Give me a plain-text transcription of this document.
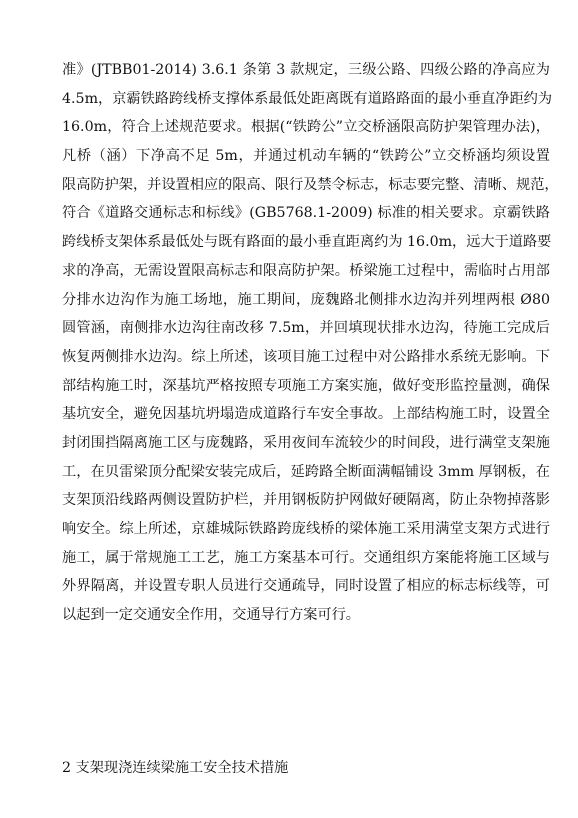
准》(JTBB01-2014) 3.6.1 条第 3 款规定，三级公路、四级公路的净高应为
4.5m，京霸铁路跨线桥支撑体系最低处距离既有道路路面的最小垂直净距约为
16.0m，符合上述规范要求。根据(“铁跨公”立交桥涵限高防护架管理办法)，
凡桥（涵）下净高不足 5m，并通过机动车辆的“铁跨公”立交桥涵均须设置
限高防护架，并设置相应的限高、限行及禁令标志，标志要完整、清晰、规范，
符合《道路交通标志和标线》(GB5768.1-2009) 标准的相关要求。京霸铁路
跨线桥支架体系最低处与既有路面的最小垂直距离约为 16.0m，远大于道路要
求的净高，无需设置限高标志和限高防护架。桥梁施工过程中，需临时占用部
分排水边沟作为施工场地，施工期间，庞魏路北侧排水边沟并列埋两根 Ø80
圆管涵，南侧排水边沟往南改移 7.5m，并回填现状排水边沟，待施工完成后
恢复两侧排水边沟。综上所述，该项目施工过程中对公路排水系统无影响。下
部结构施工时，深基坑严格按照专项施工方案实施，做好变形监控量测，确保
基坑安全，避免因基坑坍塌造成道路行车安全事故。上部结构施工时，设置全
封闭围挡隔离施工区与庞魏路，采用夜间车流较少的时间段，进行满堂支架施
工，在贝雷梁顶分配梁安装完成后，延跨路全断面满幅铺设 3mm 厚钢板，在
支架顶沿线路两侧设置防护栏，并用钢板防护网做好硬隔离，防止杂物掉落影
响安全。综上所述，京雄城际铁路跨庞线桥的梁体施工采用满堂支架方式进行
施工，属于常规施工工艺，施工方案基本可行。交通组织方案能将施工区域与
外界隔离，并设置专职人员进行交通疏导，同时设置了相应的标志标线等，可
以起到一定交通安全作用，交通导行方案可行。
2 支架现浇连续梁施工安全技术措施
